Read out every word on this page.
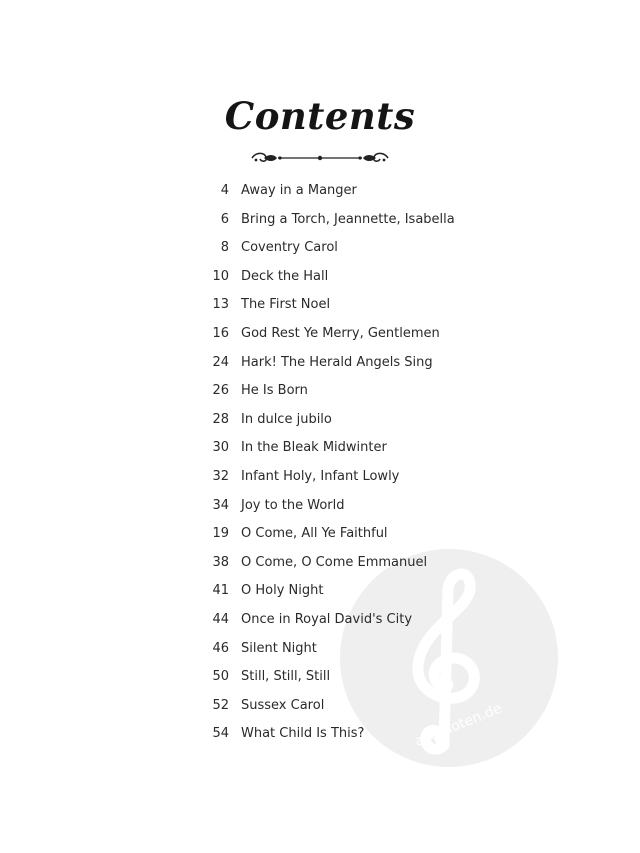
Contents
alle-noten.de
4 Away in a Manger
6 Bring a Torch, Jeannette, Isabella
8 Coventry Carol
10 Deck the Hall
13 The First Noel
16 God Rest Ye Merry, Gentlemen
24 Hark! The Herald Angels Sing
26 He Is Born
28 In dulce jubilo
30 In the Bleak Midwinter
32 Infant Holy, Infant Lowly
34 Joy to the World
19 O Come, All Ye Faithful
38 O Come, O Come Emmanuel
41 O Holy Night
44 Once in Royal David's City
46 Silent Night
50 Still, Still, Still
52 Sussex Carol
54 What Child Is This?
